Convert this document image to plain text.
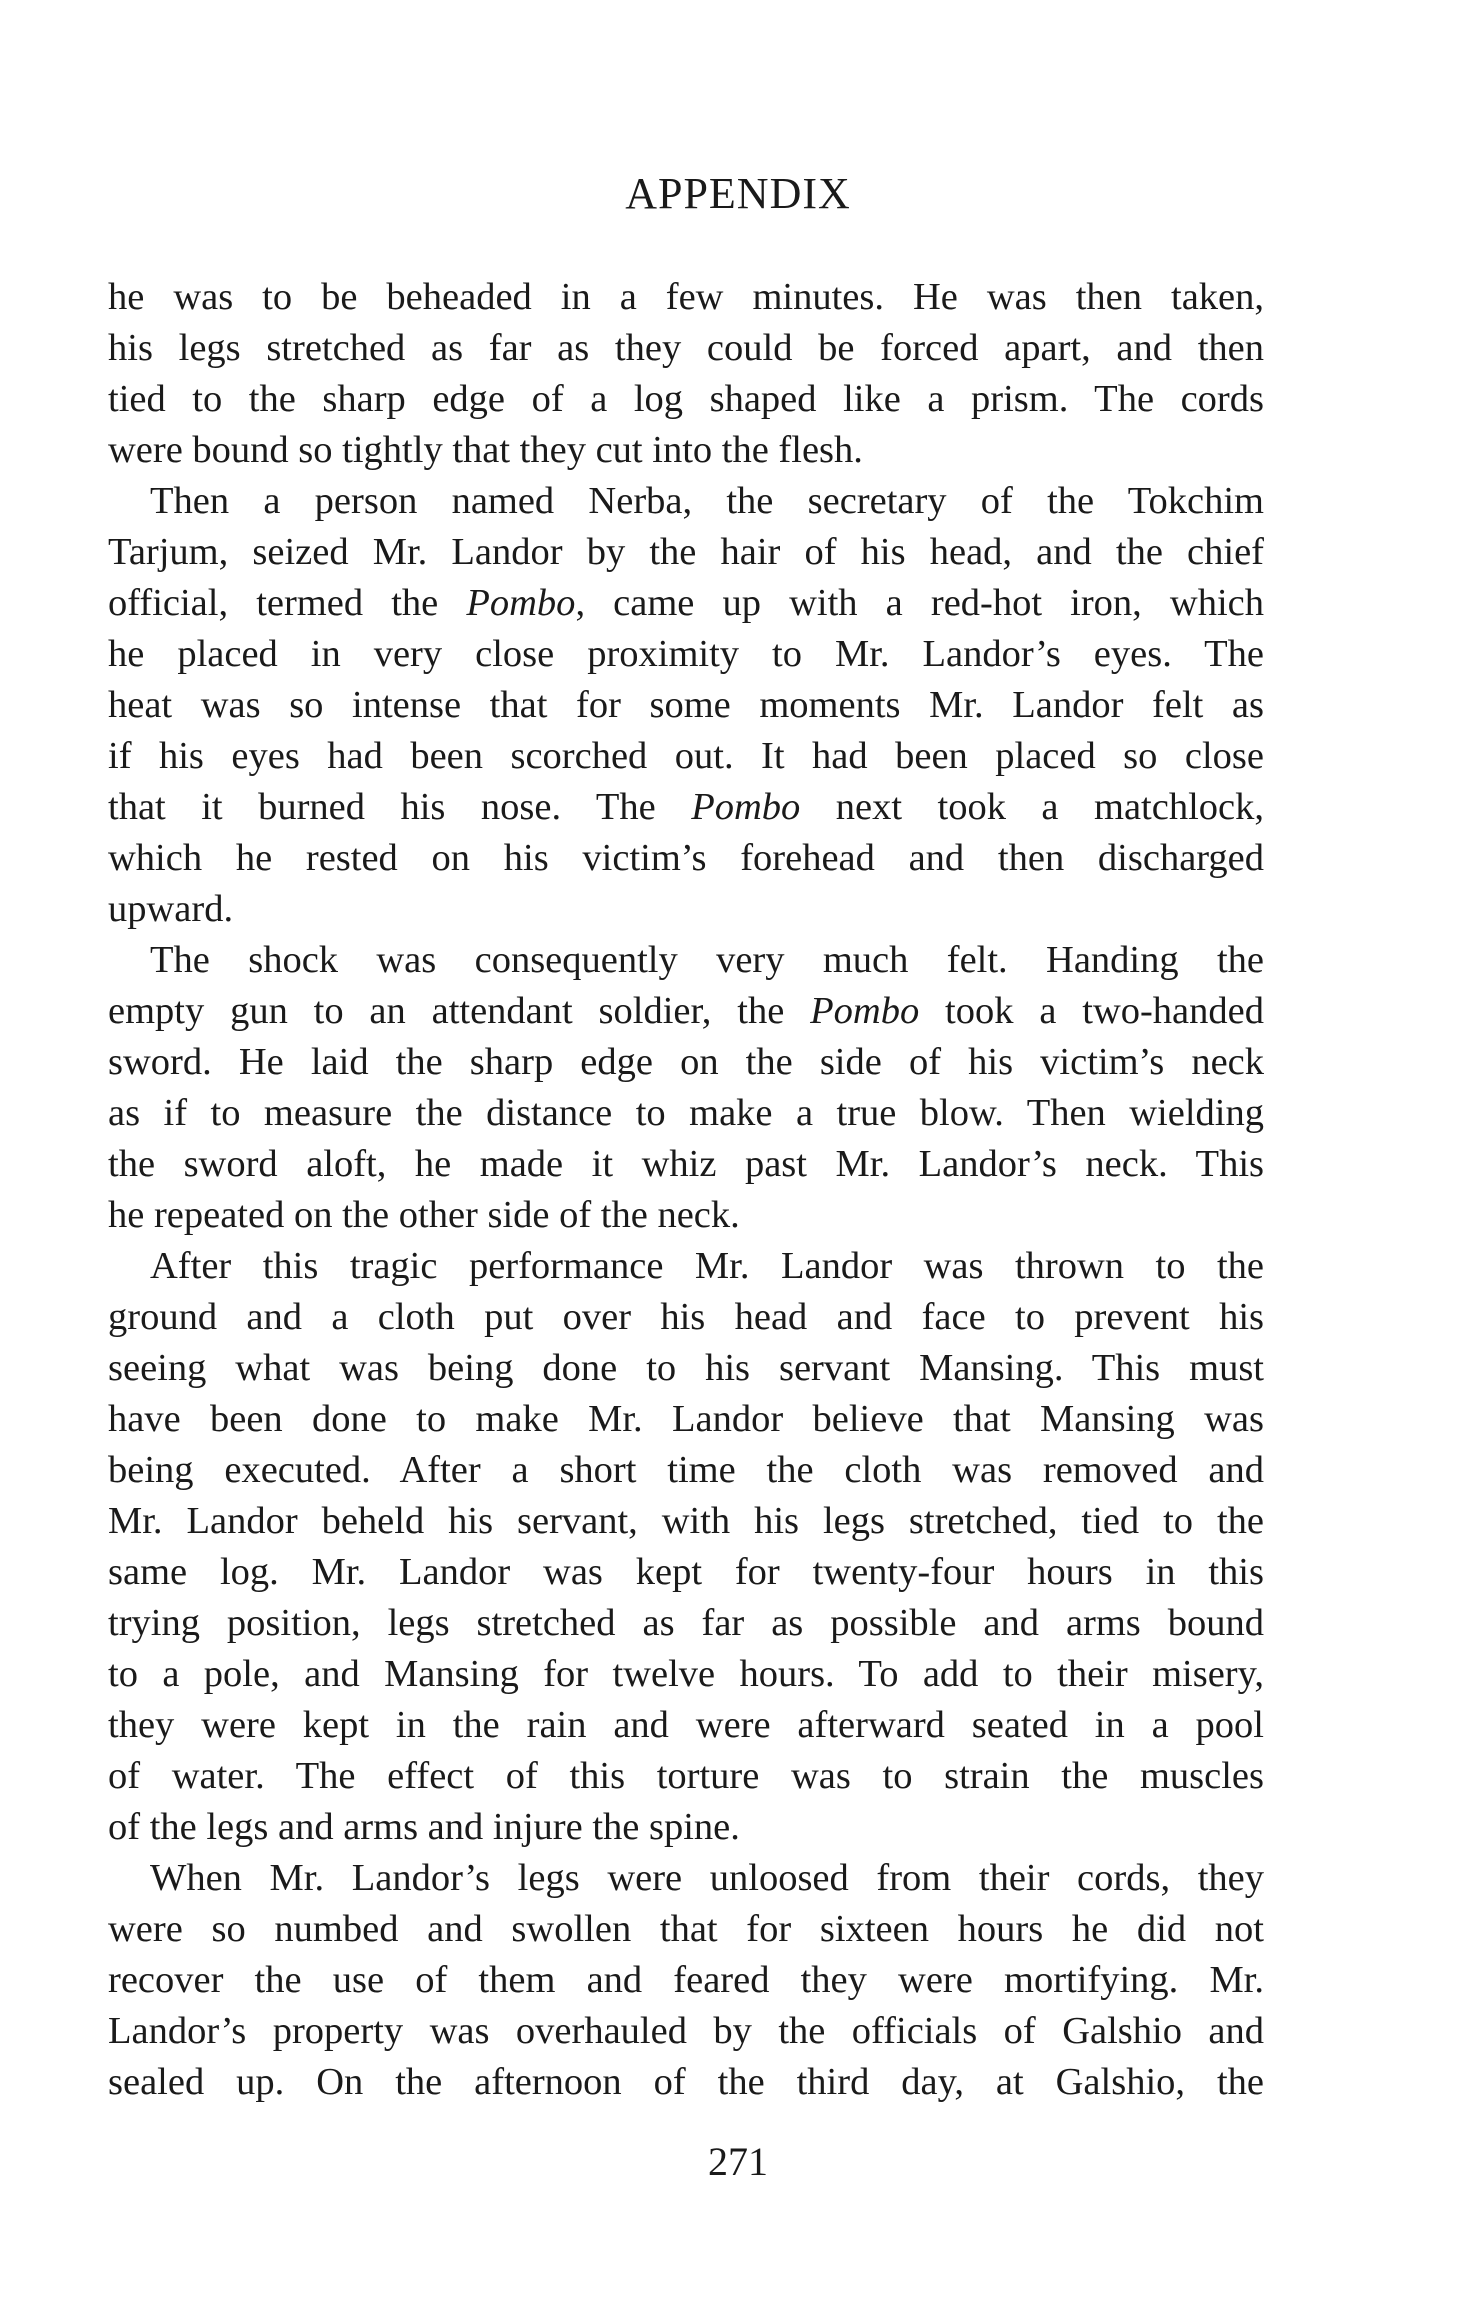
APPENDIX
he was to be beheaded in a few minutes. He was then taken,
his legs stretched as far as they could be forced apart, and then
tied to the sharp edge of a log shaped like a prism. The cords
were bound so tightly that they cut into the flesh.
Then a person named Nerba, the secretary of the Tokchim
Tarjum, seized Mr. Landor by the hair of his head, and the chief
official, termed the Pombo, came up with a red-hot iron, which
he placed in very close proximity to Mr. Landor’s eyes. The
heat was so intense that for some moments Mr. Landor felt as
if his eyes had been scorched out. It had been placed so close
that it burned his nose. The Pombo next took a matchlock,
which he rested on his victim’s forehead and then discharged
upward.
The shock was consequently very much felt. Handing the
empty gun to an attendant soldier, the Pombo took a two-handed
sword. He laid the sharp edge on the side of his victim’s neck
as if to measure the distance to make a true blow. Then wielding
the sword aloft, he made it whiz past Mr. Landor’s neck. This
he repeated on the other side of the neck.
After this tragic performance Mr. Landor was thrown to the
ground and a cloth put over his head and face to prevent his
seeing what was being done to his servant Mansing. This must
have been done to make Mr. Landor believe that Mansing was
being executed. After a short time the cloth was removed and
Mr. Landor beheld his servant, with his legs stretched, tied to the
same log. Mr. Landor was kept for twenty-four hours in this
trying position, legs stretched as far as possible and arms bound
to a pole, and Mansing for twelve hours. To add to their misery,
they were kept in the rain and were afterward seated in a pool
of water. The effect of this torture was to strain the muscles
of the legs and arms and injure the spine.
When Mr. Landor’s legs were unloosed from their cords, they
were so numbed and swollen that for sixteen hours he did not
recover the use of them and feared they were mortifying. Mr.
Landor’s property was overhauled by the officials of Galshio and
sealed up. On the afternoon of the third day, at Galshio, the
271
